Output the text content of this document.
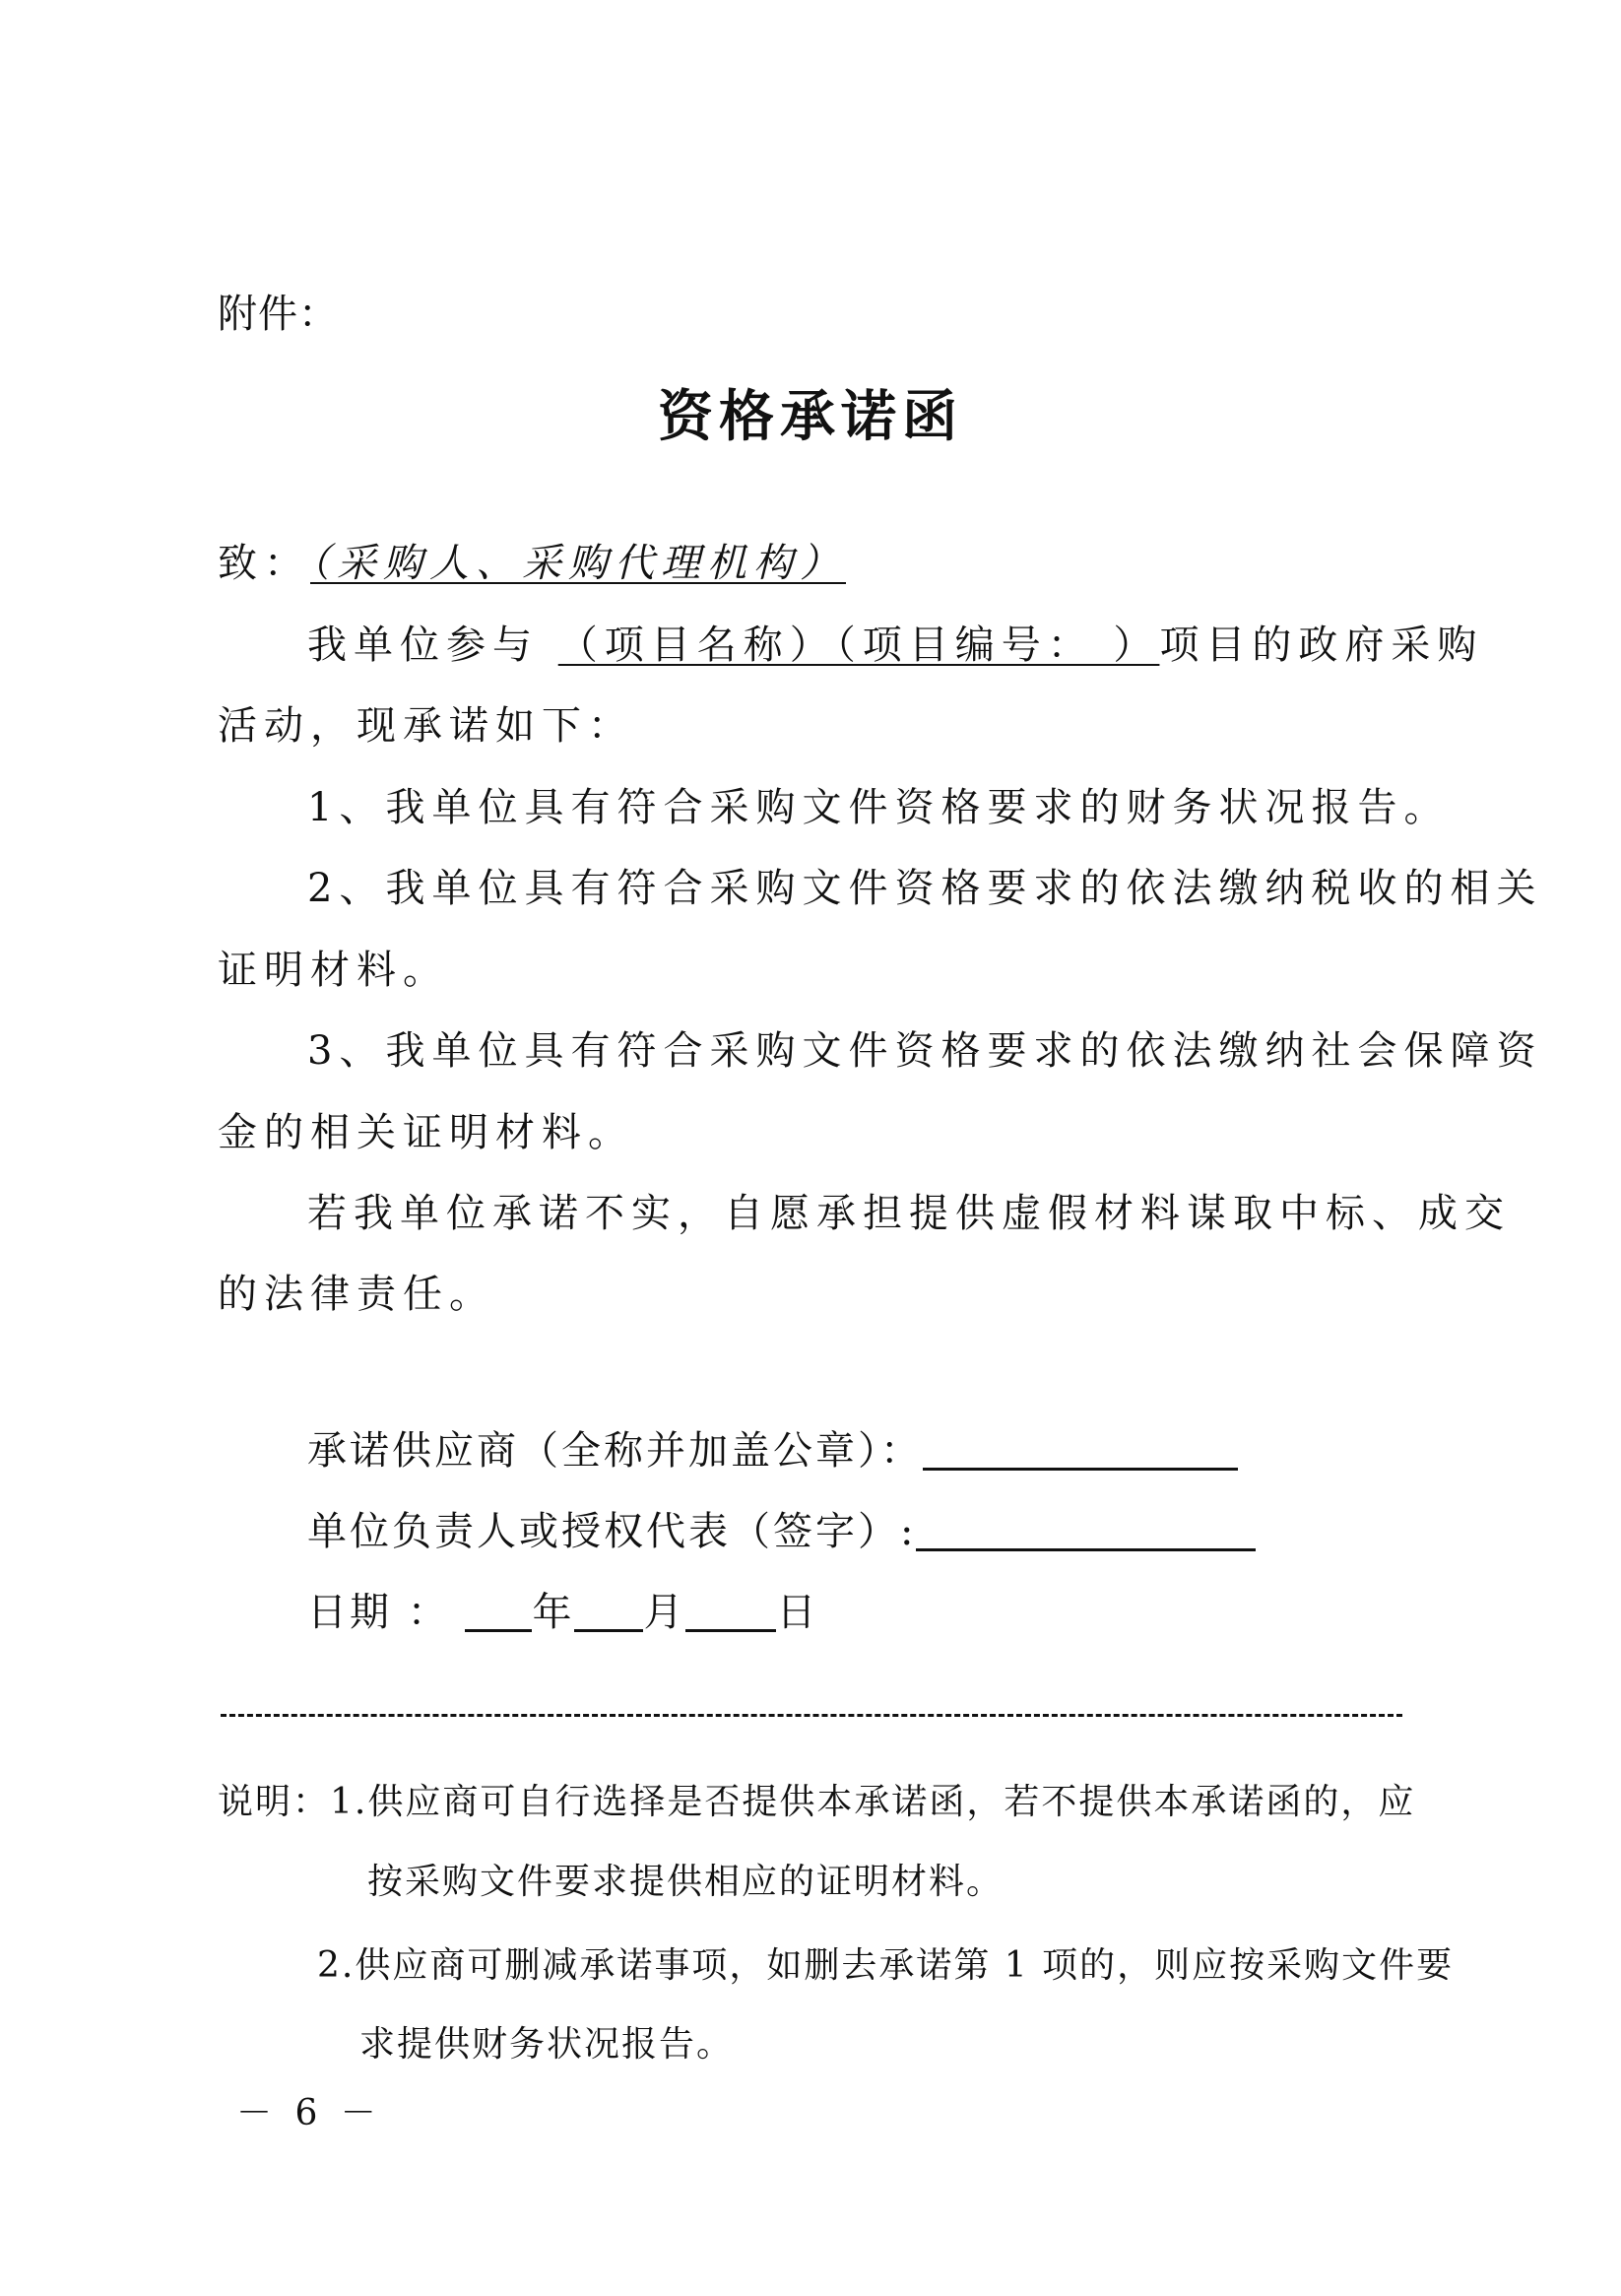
附件：
资格承诺函
致：（采购人、采购代理机构）
我单位参与 （项目名称）（项目编号： ）项目的政府采购
活动，现承诺如下：
1、我单位具有符合采购文件资格要求的财务状况报告。
2、我单位具有符合采购文件资格要求的依法缴纳税收的相关
证明材料。
3、我单位具有符合采购文件资格要求的依法缴纳社会保障资
金的相关证明材料。
若我单位承诺不实，自愿承担提供虚假材料谋取中标、成交
的法律责任。
承诺供应商（全称并加盖公章）：
单位负责人或授权代表（签字）:
日期 ： 年 月 日
说明：1.供应商可自行选择是否提供本承诺函，若不提供本承诺函的，应
按采购文件要求提供相应的证明材料。
2.供应商可删减承诺事项，如删去承诺第 1 项的，则应按采购文件要
求提供财务状况报告。
－ 6 －
